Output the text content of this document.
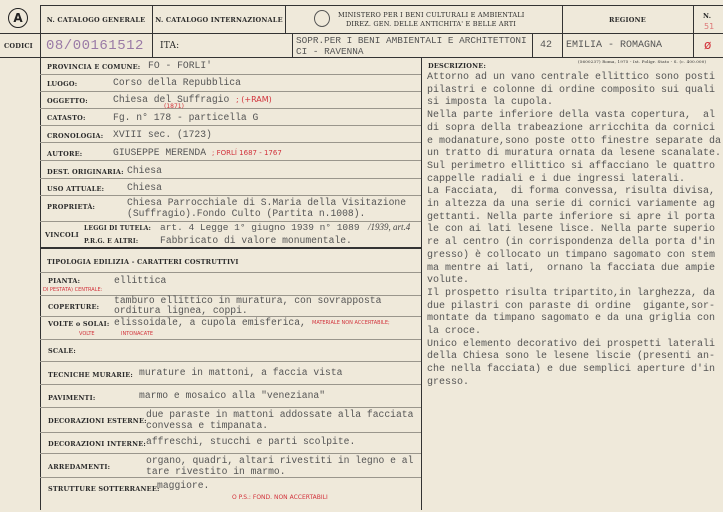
A	N. CATALOGO GENERALE	N. CATALOGO INTERNAZIONALE
MINISTERO PER I BENI CULTURALI E AMBIENTALI
DIREZ. GEN. DELLE ANTICHITA' E BELLE ARTI	REGIONE	N.
51
CODICI 08/00161512 ITA:	SOPR.PER I BENI AMBIENTALI E ARCHITETTONI
CI - RAVENNA
42 EMILIA - ROMAGNA	ø
PROVINCIA E COMUNE: FO - FORLI'
LUOGO:	Corso della Repubblica
OGGETTO:	Chiesa del Suffragio ; (+RAM)
CATASTO:	Fg. n° 178 - particella G
(1871)
CRONOLOGIA: XVIII sec. (1723)
AUTORE:	GIUSEPPE MERENDA ; FORLÍ 1687 - 1767
DEST. ORIGINARIA: Chiesa
USO ATTUALE: Chiesa
PROPRIETÀ:	Chiesa Parrocchiale di S.Maria della Visitazione
(Suffragio).Fondo Culto (Partita n.1008).
VINCOLI
LEGGI DI TUTELA: art. 4 Legge 1° giugno 1939 n° 1089 /1939, art.4
P.R.G. E ALTRI: Fabbricato di valore monumentale.
TIPOLOGIA EDILIZIA - CARATTERI COSTRUTTIVI
PIANTA:
DI PESTATA) CENTRALE:
ellittica
COPERTURE:
tamburo ellittico in muratura, con sovrapposta
orditura lignea, coppi.
VOLTE o SOLAI: elissoidale, a cupola emisferica, MATERIALE NON ACCERTABILE;
VOLTE	INTONACATE
SCALE:
TECNICHE MURARIE: murature in mattoni, a faccia vista
PAVIMENTI:	marmo e mosaico alla "veneziana"
DECORAZIONI ESTERNE:
due paraste in mattoni addossate alla facciata
convessa e timpanata.
DECORAZIONI INTERNE: affreschi, stucchi e parti scolpite.
ARREDAMENTI:
organo, quadri, altari rivestiti in legno e al
tare rivestito in marmo.
STRUTTURE SOTTERRANEE:
maggiore.
O P.S.: FOND. NON ACCERTABILI
DESCRIZIONE:
(5600237) Roma, 1975 - Ist. Polígr. Stato - S. (c. 400.000)
Attorno ad un vano centrale ellittico sono posti
pilastri e colonne di ordine composito sui quali
si imposta la cupola.
Nella parte inferiore della vasta copertura,  al
di sopra della trabeazione arricchita da cornici
e modanature,sono poste otto finestre separate da
un tratto di muratura ornata da lesene scanalate.
Sul perimetro ellittico si affacciano le quattro
cappelle radiali e i due ingressi laterali.
La Facciata,  di forma convessa, risulta divisa,
in altezza da una serie di cornici variamente ag
gettanti. Nella parte inferiore si apre il porta
le con ai lati lesene lisce. Nella parte superio
re al centro (in corrispondenza della porta d'in
gresso) è collocato un timpano sagomato con stem
ma mentre ai lati,  ornano la facciata due ampie
volute.
Il prospetto risulta tripartito,in larghezza, da
due pilastri con paraste di ordine  gigante,sor-
montate da timpano sagomato e da una griglia con
la croce.
Unico elemento decorativo dei prospetti laterali
della Chiesa sono le lesene liscie (presenti an-
che nella facciata) e due semplici aperture d'in
gresso.
